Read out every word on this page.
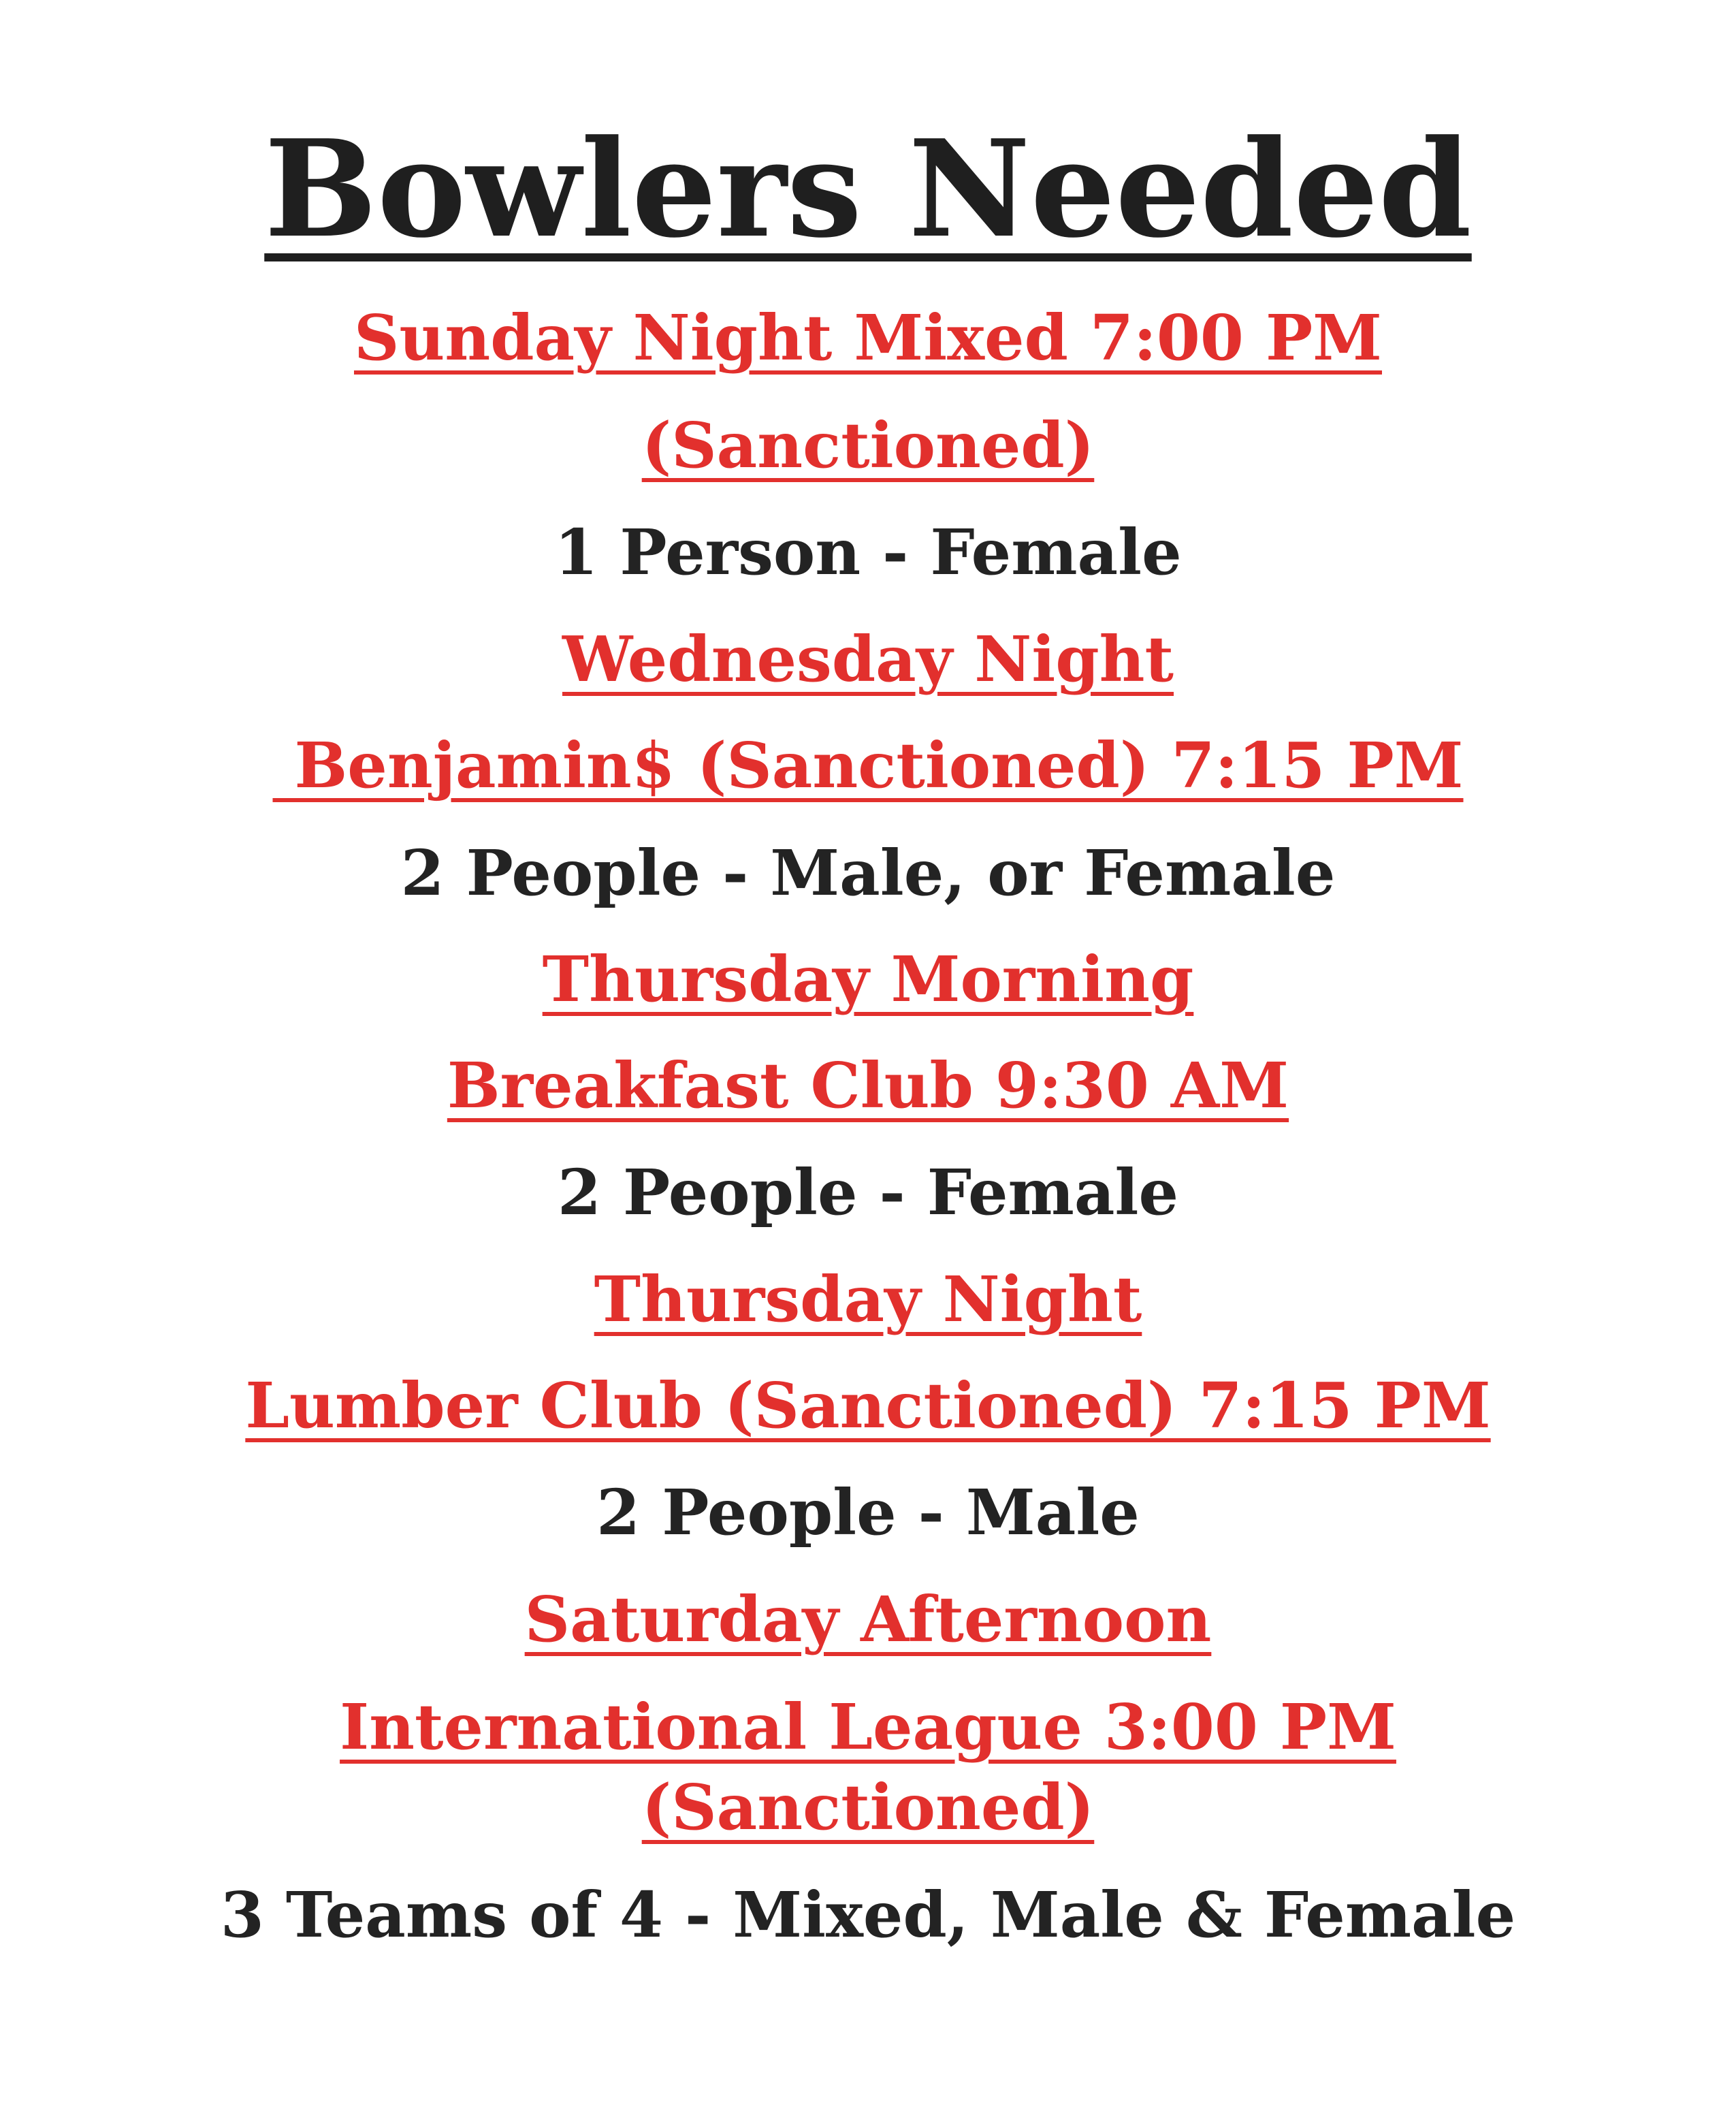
Bowlers Needed
Sunday Night Mixed 7:00 PM
(Sanctioned)
1 Person - Female
Wednesday Night
Benjamin$ (Sanctioned) 7:15 PM
2 People - Male, or Female
Thursday Morning
Breakfast Club 9:30 AM
2 People - Female
Thursday Night
Lumber Club (Sanctioned) 7:15 PM
2 People - Male
Saturday Afternoon
International League 3:00 PM
(Sanctioned)
3 Teams of 4 - Mixed, Male & Female
